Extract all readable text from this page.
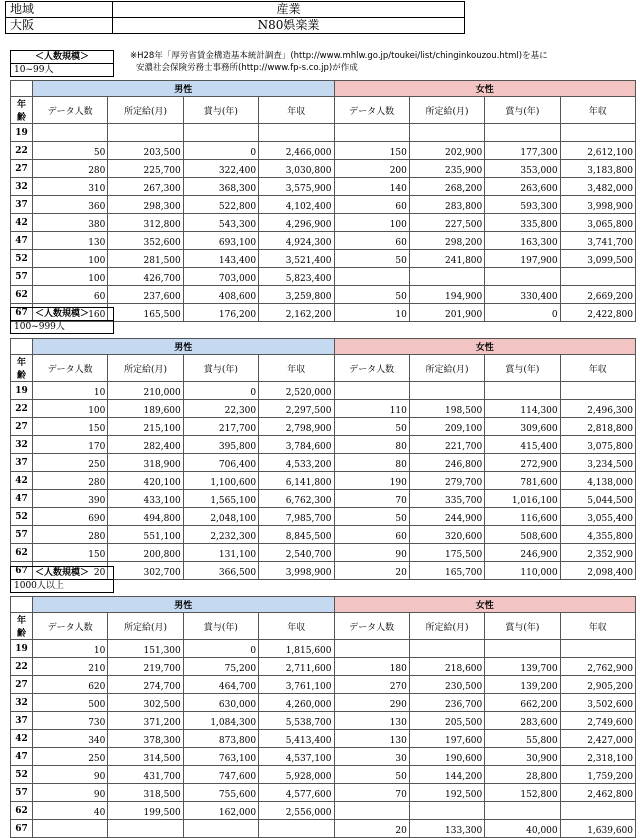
地域	産業
大阪	N80娯楽業
※H28年「厚労省賃金構造基本統計調査」(http://www.mhlw.go.jp/toukei/list/chinginkouzou.html)を基に
安濃社会保険労務士事務所(http://www.fp-s.co.jp)が作成
＜人数規模＞
10~99人
	男性				女性			
年齢	データ人数	所定給(月)	賞与(年)	年収	データ人数	所定給(月)	賞与(年)	年収
19								
22	50	203,500	0	2,466,000	150	202,900	177,300	2,612,100
27	280	225,700	322,400	3,030,800	200	235,900	353,000	3,183,800
32	310	267,300	368,300	3,575,900	140	268,200	263,600	3,482,000
37	360	298,300	522,800	4,102,400	60	283,800	593,300	3,998,900
42	380	312,800	543,300	4,296,900	100	227,500	335,800	3,065,800
47	130	352,600	693,100	4,924,300	60	298,200	163,300	3,741,700
52	100	281,500	143,400	3,521,400	50	241,800	197,900	3,099,500
57	100	426,700	703,000	5,823,400				
62	60	237,600	408,600	3,259,800	50	194,900	330,400	2,669,200
67	160	165,500	176,200	2,162,200	10	201,900	0	2,422,800
＜人数規模＞
100~999人
	男性				女性			
年齢	データ人数	所定給(月)	賞与(年)	年収	データ人数	所定給(月)	賞与(年)	年収
19	10	210,000	0	2,520,000				
22	100	189,600	22,300	2,297,500	110	198,500	114,300	2,496,300
27	150	215,100	217,700	2,798,900	50	209,100	309,600	2,818,800
32	170	282,400	395,800	3,784,600	80	221,700	415,400	3,075,800
37	250	318,900	706,400	4,533,200	80	246,800	272,900	3,234,500
42	280	420,100	1,100,600	6,141,800	190	279,700	781,600	4,138,000
47	390	433,100	1,565,100	6,762,300	70	335,700	1,016,100	5,044,500
52	690	494,800	2,048,100	7,985,700	50	244,900	116,600	3,055,400
57	280	551,100	2,232,300	8,845,500	60	320,600	508,600	4,355,800
62	150	200,800	131,100	2,540,700	90	175,500	246,900	2,352,900
67	20	302,700	366,500	3,998,900	20	165,700	110,000	2,098,400
＜人数規模＞
1000人以上
	男性				女性			
年齢	データ人数	所定給(月)	賞与(年)	年収	データ人数	所定給(月)	賞与(年)	年収
19	10	151,300	0	1,815,600				
22	210	219,700	75,200	2,711,600	180	218,600	139,700	2,762,900
27	620	274,700	464,700	3,761,100	270	230,500	139,200	2,905,200
32	500	302,500	630,000	4,260,000	290	236,700	662,200	3,502,600
37	730	371,200	1,084,300	5,538,700	130	205,500	283,600	2,749,600
42	340	378,300	873,800	5,413,400	130	197,600	55,800	2,427,000
47	250	314,500	763,100	4,537,100	30	190,600	30,900	2,318,100
52	90	431,700	747,600	5,928,000	50	144,200	28,800	1,759,200
57	90	318,500	755,600	4,577,600	70	192,500	152,800	2,462,800
62	40	199,500	162,000	2,556,000				
67					20	133,300	40,000	1,639,600
